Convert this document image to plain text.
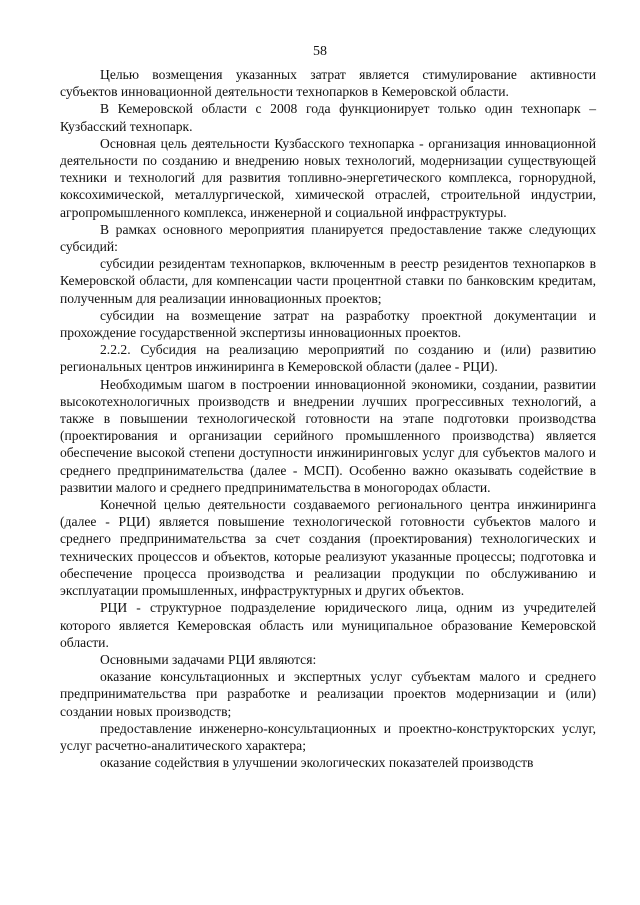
58

Целью возмещения указанных затрат является стимулирование активности субъектов инновационной деятельности технопарков в Кемеровской области.

В Кемеровской области с 2008 года функционирует только один технопарк – Кузбасский технопарк.

Основная цель деятельности Кузбасского технопарка - организация инновационной деятельности по созданию и внедрению новых технологий, модернизации существующей техники и технологий для развития топливно-энергетического комплекса, горнорудной, коксохимической, металлургической, химической отраслей, строительной индустрии, агропромышленного комплекса, инженерной и социальной инфраструктуры.

В рамках основного мероприятия планируется предоставление также следующих субсидий:

субсидии резидентам технопарков, включенным в реестр резидентов технопарков в Кемеровской области, для компенсации части процентной ставки по банковским кредитам, полученным для реализации инновационных проектов;

субсидии на возмещение затрат на разработку проектной документации и прохождение государственной экспертизы инновационных проектов.

2.2.2. Субсидия на реализацию мероприятий по созданию и (или) развитию региональных центров инжиниринга в Кемеровской области (далее - РЦИ).

Необходимым шагом в построении инновационной экономики, создании, развитии высокотехнологичных производств и внедрении лучших прогрессивных технологий, а также в повышении технологической готовности на этапе подготовки производства (проектирования и организации серийного промышленного производства) является обеспечение высокой степени доступности инжиниринговых услуг для субъектов малого и среднего предпринимательства (далее - МСП). Особенно важно оказывать содействие в развитии малого и среднего предпринимательства в моногородах области.

Конечной целью деятельности создаваемого регионального центра инжиниринга (далее - РЦИ) является повышение технологической готовности субъектов малого и среднего предпринимательства за счет создания (проектирования) технологических и технических процессов и объектов, которые реализуют указанные процессы; подготовка и обеспечение процесса производства и реализации продукции по обслуживанию и эксплуатации промышленных, инфраструктурных и других объектов.

РЦИ - структурное подразделение юридического лица, одним из учредителей которого является Кемеровская область или муниципальное образование Кемеровской области.

Основными задачами РЦИ являются:

оказание консультационных и экспертных услуг субъектам малого и среднего предпринимательства при разработке и реализации проектов модернизации и (или) создании новых производств;

предоставление инженерно-консультационных и проектно-конструкторских услуг, услуг расчетно-аналитического характера;

оказание содействия в улучшении экологических показателей производств
